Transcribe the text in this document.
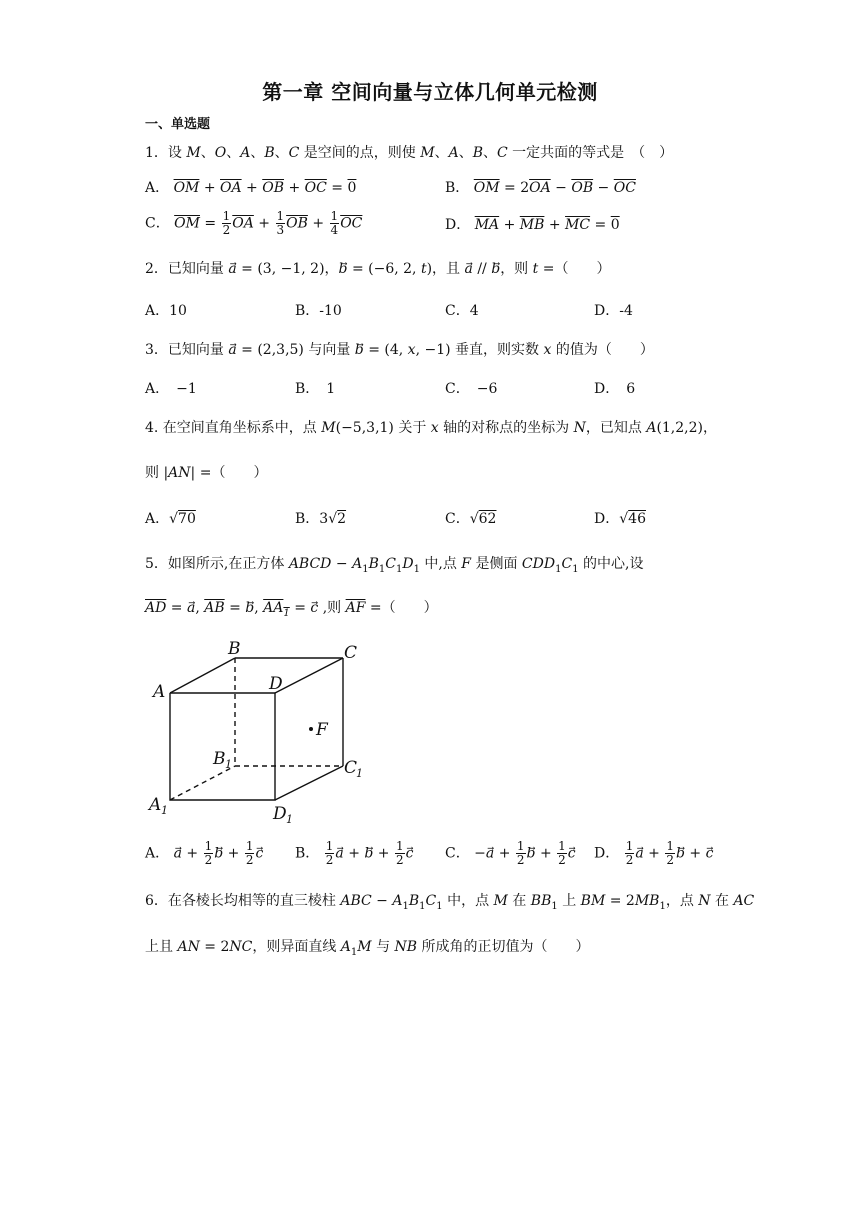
第一章 空间向量与立体几何单元检测
一、单选题
1．设 M、O、A、B、C 是空间的点，则使 M、A、B、C 一定共面的等式是　（　）
A． $\overline{OM} + \overline{OA} + \overline{OB} + \overline{OC} = 0$	B． $\overline{OM} = 2\overline{OA} - \overline{OB} - \overline{OC}$
C． $\overline{OM} = \frac{1}{2} \overline{OA} + \frac{1}{3} \overline{OB} + \frac{1}{4} \overline{OC}$	D． $\overline{MA} + \overline{MB} + \overline{MC} = 0$
2．已知向量 a⃗ = (3, −1, 2)，b⃗ = (−6, 2, t)，且 a⃗ // b⃗，则 t =（　　）
A．10	B．-10	C．4	D．-4
3．已知向量 a⃗ = (2,3,5) 与向量 b⃗ = (4, x, −1) 垂直，则实数 x 的值为（　　）
A．　−1	B．　1	C．　−6	D．　6
4. 在空间直角坐标系中，点 M(−5,3,1) 关于 x 轴的对称点的坐标为 N，已知点 A(1,2,2)，
则 |AN| =（　　）
A．√70	B．3√2	C．√62	D．√46
5．如图所示,在正方体 ABCD − $A_1B_1C_1D_1$ 中,点 F 是侧面 $CDD_1C_1$ 的中心,设
$\overline{AD}$ = a⃗, $\overline{AB}$ = b⃗, $AA_1$ = c⃗ ,则 $\overline{AF}$ =（　　）
A
B	C
D
F
B 1	C
1
A 1	D 1
A． a⃗ + $\frac{1}{2}$ b⃗ + $\frac{1}{2}$ c B． $\frac{1}{2}$ a⃗ + b⃗ + $\frac{1}{2}$ c C． −a⃗ + $\frac{1}{2}$ b⃗ + $\frac{1}{2}$ c D． $\frac{1}{2}$ a⃗ + $\frac{1}{2}$ b⃗ + c
6．在各棱长均相等的直三棱柱 ABC − $A_1B_1C_1$ 中，点 M 在 $BB_1$ 上 BM = $2MB_1$，点 N 在 AC
上且 AN = 2NC，则异面直线 $A_1M$ 与 NB 所成角的正切值为（　　）
